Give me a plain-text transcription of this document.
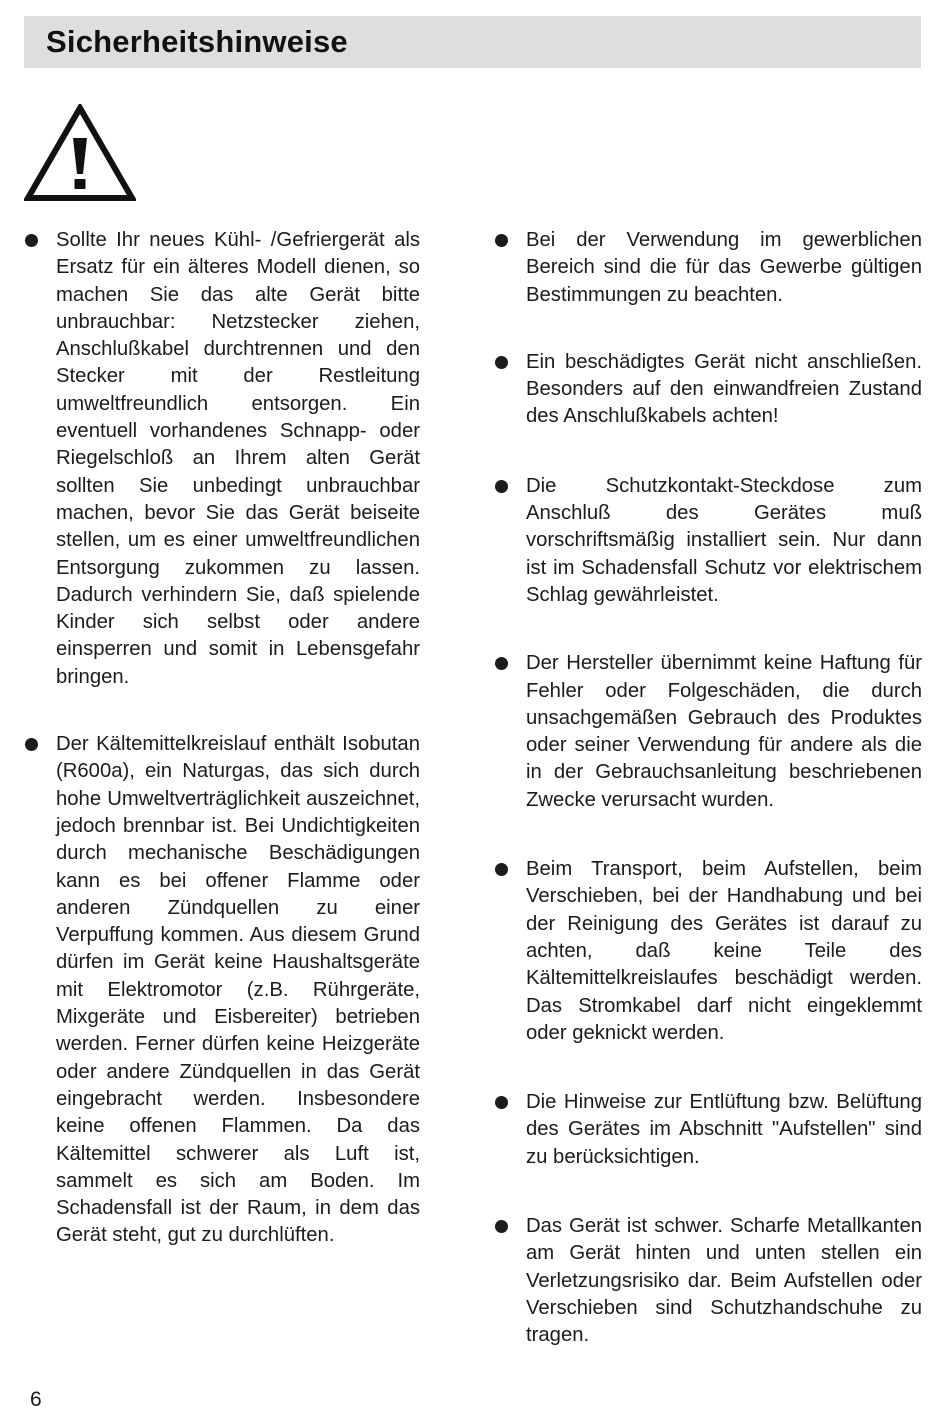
Sicherheitshinweise
Sollte Ihr neues Kühl- /Gefriergerät als Ersatz für ein älteres Modell dienen, so machen Sie das alte Gerät bitte unbrauchbar: Netzstecker ziehen, Anschlußkabel durchtrennen und den Stecker mit der Restleitung umweltfreundlich entsorgen. Ein eventuell vorhandenes Schnapp- oder Riegelschloß an Ihrem alten Gerät sollten Sie unbedingt unbrauchbar machen, bevor Sie das Gerät beiseite stellen, um es einer umweltfreundlichen Entsorgung zukommen zu lassen. Dadurch verhindern Sie, daß spielende Kinder sich selbst oder andere einsperren und somit in Lebensgefahr bringen.
Der Kältemittelkreislauf enthält Isobutan (R600a), ein Naturgas, das sich durch hohe Umweltverträglichkeit auszeichnet, jedoch brennbar ist. Bei Undichtigkeiten durch mechanische Beschädigungen kann es bei offener Flamme oder anderen Zündquellen zu einer Verpuffung kommen. Aus diesem Grund dürfen im Gerät keine Haushaltsgeräte mit Elektromotor (z.B. Rührgeräte, Mixgeräte und Eisbereiter) betrieben werden. Ferner dürfen keine Heizgeräte oder andere Zündquellen in das Gerät eingebracht werden. Insbesondere keine offenen Flammen. Da das Kältemittel schwerer als Luft ist, sammelt es sich am Boden. Im Schadensfall ist der Raum, in dem das Gerät steht, gut zu durchlüften.
Bei der Verwendung im gewerblichen Bereich sind die für das Gewerbe gültigen Bestimmungen zu beachten.
Ein beschädigtes Gerät nicht anschließen. Besonders auf den einwandfreien Zustand des Anschlußkabels achten!
Die Schutzkontakt-Steckdose zum Anschluß des Gerätes muß vorschriftsmäßig installiert sein. Nur dann ist im Schadensfall Schutz vor elektrischem Schlag gewährleistet.
Der Hersteller übernimmt keine Haftung für Fehler oder Folgeschäden, die durch unsachgemäßen Gebrauch des Produktes oder seiner Verwendung für andere als die in der Gebrauchsanleitung beschriebenen Zwecke verursacht wurden.
Beim Transport, beim Aufstellen, beim Verschieben, bei der Handhabung und bei der Reinigung des Gerätes ist darauf zu achten, daß keine Teile des Kältemittelkreislaufes beschädigt werden. Das Stromkabel darf nicht eingeklemmt oder geknickt werden.
Die Hinweise zur Entlüftung bzw. Belüftung des Gerätes im Abschnitt "Aufstellen" sind zu berücksichtigen.
Das Gerät ist schwer. Scharfe Metallkanten am Gerät hinten und unten stellen ein Verletzungsrisiko dar. Beim Aufstellen oder Verschieben sind Schutzhandschuhe zu tragen.
6
